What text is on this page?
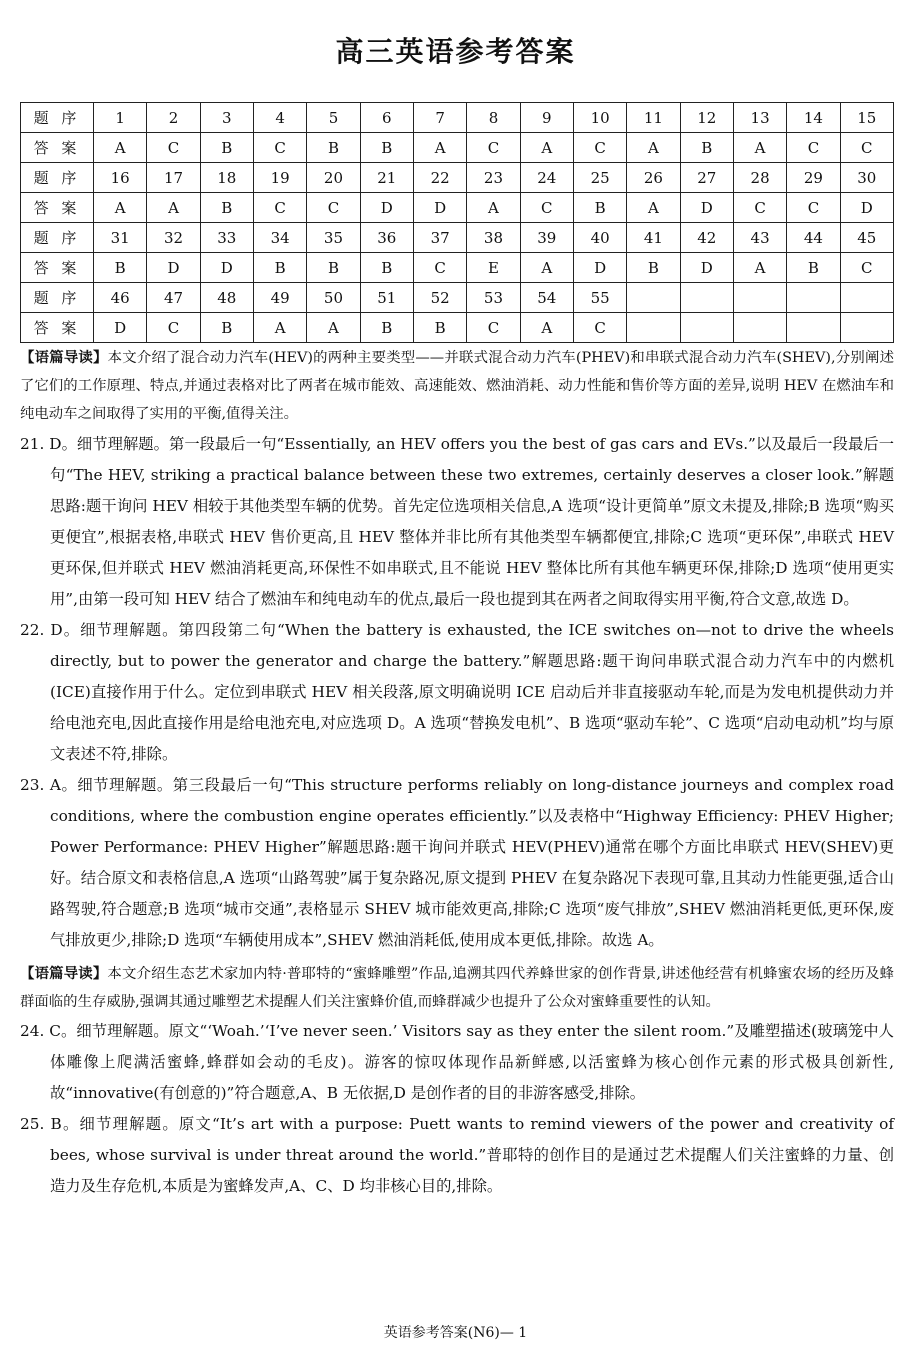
高三英语参考答案
题 序	1	2	3	4	5	6	7	8	9	10	11	12	13	14	15
答 案	A	C	B	C	B	B	A	C	A	C	A	B	A	C	C
题 序	16	17	18	19	20	21	22	23	24	25	26	27	28	29	30
答 案	A	A	B	C	C	D	D	A	C	B	A	D	C	C	D
题 序	31	32	33	34	35	36	37	38	39	40	41	42	43	44	45
答 案	B	D	D	B	B	B	C	E	A	D	B	D	A	B	C
题 序	46	47	48	49	50	51	52	53	54	55					
答 案	D	C	B	A	A	B	B	C	A	C					

【语篇导读】本文介绍了混合动力汽车(HEV)的两种主要类型——并联式混合动力汽车(PHEV)和串联式混合动力汽车(SHEV),分别阐述了它们的工作原理、特点,并通过表格对比了两者在城市能效、高速能效、燃油消耗、动力性能和售价等方面的差异,说明 HEV 在燃油车和纯电动车之间取得了实用的平衡,值得关注。

21. D。细节理解题。第一段最后一句“Essentially, an HEV offers you the best of gas cars and EVs.”以及最后一段最后一句“The HEV, striking a practical balance between these two extremes, certainly deserves a closer look.”解题思路:题干询问 HEV 相较于其他类型车辆的优势。首先定位选项相关信息,A 选项“设计更简单”原文未提及,排除;B 选项“购买更便宜”,根据表格,串联式 HEV 售价更高,且 HEV 整体并非比所有其他类型车辆都便宜,排除;C 选项“更环保”,串联式 HEV 更环保,但并联式 HEV 燃油消耗更高,环保性不如串联式,且不能说 HEV 整体比所有其他车辆更环保,排除;D 选项“使用更实用”,由第一段可知 HEV 结合了燃油车和纯电动车的优点,最后一段也提到其在两者之间取得实用平衡,符合文意,故选 D。

22. D。细节理解题。第四段第二句“When the battery is exhausted, the ICE switches on—not to drive the wheels directly, but to power the generator and charge the battery.”解题思路:题干询问串联式混合动力汽车中的内燃机(ICE)直接作用于什么。定位到串联式 HEV 相关段落,原文明确说明 ICE 启动后并非直接驱动车轮,而是为发电机提供动力并给电池充电,因此直接作用是给电池充电,对应选项 D。A 选项“替换发电机”、B 选项“驱动车轮”、C 选项“启动电动机”均与原文表述不符,排除。

23. A。细节理解题。第三段最后一句“This structure performs reliably on long-distance journeys and complex road conditions, where the combustion engine operates efficiently.”以及表格中“Highway Efficiency: PHEV Higher; Power Performance: PHEV Higher”解题思路:题干询问并联式 HEV(PHEV)通常在哪个方面比串联式 HEV(SHEV)更好。结合原文和表格信息,A 选项“山路驾驶”属于复杂路况,原文提到 PHEV 在复杂路况下表现可靠,且其动力性能更强,适合山路驾驶,符合题意;B 选项“城市交通”,表格显示 SHEV 城市能效更高,排除;C 选项“废气排放”,SHEV 燃油消耗更低,更环保,废气排放更少,排除;D 选项“车辆使用成本”,SHEV 燃油消耗低,使用成本更低,排除。故选 A。

【语篇导读】本文介绍生态艺术家加内特·普耶特的“蜜蜂雕塑”作品,追溯其四代养蜂世家的创作背景,讲述他经营有机蜂蜜农场的经历及蜂群面临的生存威胁,强调其通过雕塑艺术提醒人们关注蜜蜂价值,而蜂群减少也提升了公众对蜜蜂重要性的认知。

24. C。细节理解题。原文“‘Woah.’‘I’ve never seen.’ Visitors say as they enter the silent room.”及雕塑描述(玻璃笼中人体雕像上爬满活蜜蜂,蜂群如会动的毛皮)。游客的惊叹体现作品新鲜感,以活蜜蜂为核心创作元素的形式极具创新性,故“innovative(有创意的)”符合题意,A、B 无依据,D 是创作者的目的非游客感受,排除。

25. B。细节理解题。原文“It’s art with a purpose: Puett wants to remind viewers of the power and creativity of bees, whose survival is under threat around the world.”普耶特的创作目的是通过艺术提醒人们关注蜜蜂的力量、创造力及生存危机,本质是为蜜蜂发声,A、C、D 均非核心目的,排除。

英语参考答案(N6)— 1
